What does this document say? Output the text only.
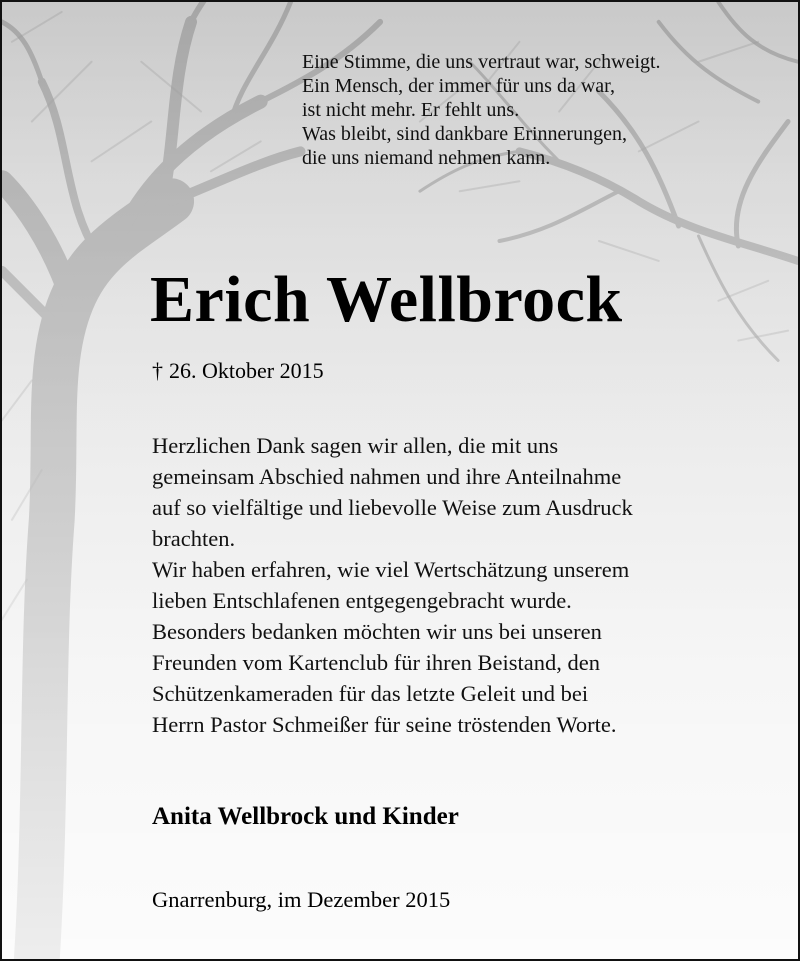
Eine Stimme, die uns vertraut war, schweigt.
Ein Mensch, der immer für uns da war,
ist nicht mehr. Er fehlt uns.
Was bleibt, sind dankbare Erinnerungen,
die uns niemand nehmen kann.
Erich Wellbrock
† 26. Oktober 2015
Herzlichen Dank sagen wir allen, die mit uns
gemeinsam Abschied nahmen und ihre Anteilnahme
auf so vielfältige und liebevolle Weise zum Ausdruck
brachten.
Wir haben erfahren, wie viel Wertschätzung unserem
lieben Entschlafenen entgegengebracht wurde.
Besonders bedanken möchten wir uns bei unseren
Freunden vom Kartenclub für ihren Beistand, den
Schützenkameraden für das letzte Geleit und bei
Herrn Pastor Schmeißer für seine tröstenden Worte.
Anita Wellbrock und Kinder
Gnarrenburg, im Dezember 2015
